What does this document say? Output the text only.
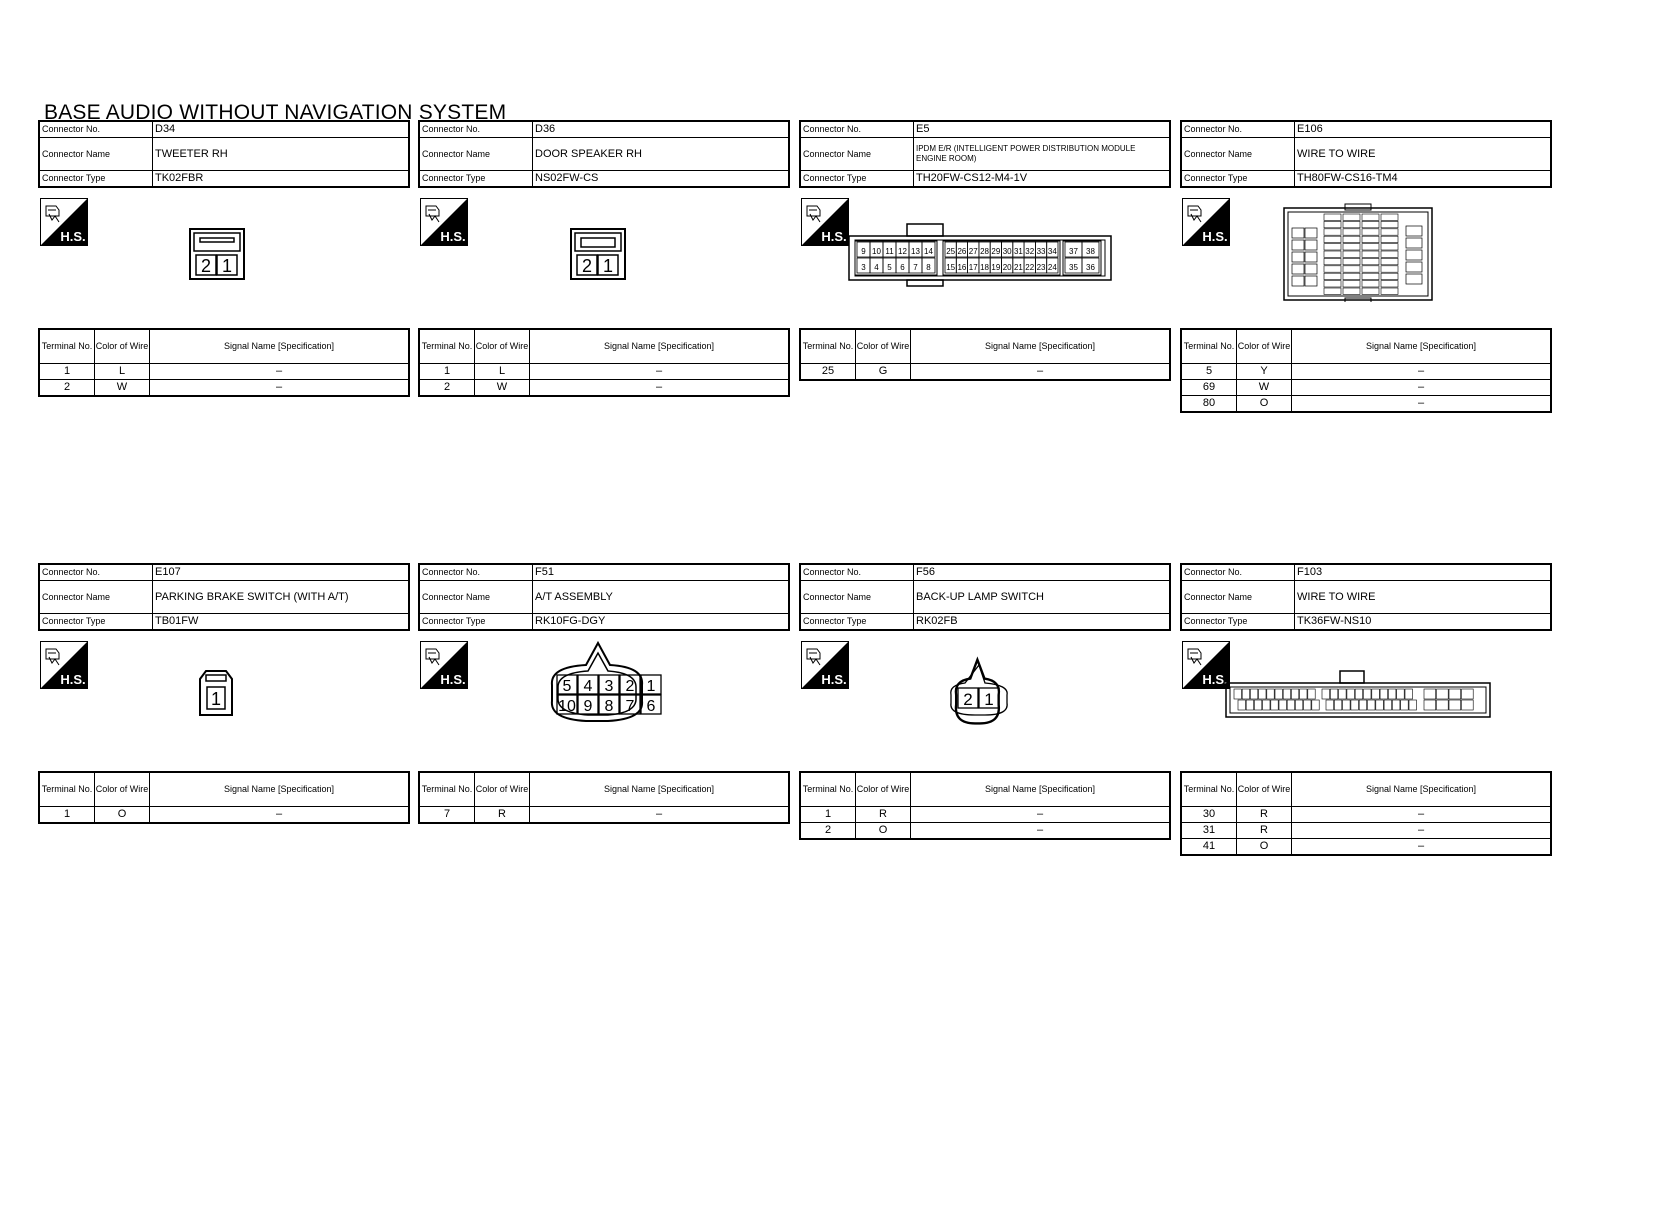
BASE AUDIO WITHOUT NAVIGATION SYSTEM
Connector No.	D34
Connector Name	TWEETER RH
Connector Type	TK02FBR
H.S.
2 1
Terminal No.	Color of Wire	Signal Name [Specification]
1	L	–
2	W	–
Connector No.	D36
Connector Name	DOOR SPEAKER RH
Connector Type	NS02FW-CS
H.S.
2 1
Terminal No.	Color of Wire	Signal Name [Specification]
1	L	–
2	W	–
Connector No.	E5
Connector Name	IPDM E/R (INTELLIGENT POWER DISTRIBUTION MODULE ENGINE ROOM)
Connector Type	TH20FW-CS12-M4-1V
H.S.
9
3
10
4
11
5
12
6
13
7
14
8
25
15
26
16
27
17
28
18
29
19
30
20
31
21
32
22
33
23
34
24
37
35
38
36
Terminal No.	Color of Wire	Signal Name [Specification]
25	G	–
Connector No.	E106
Connector Name	WIRE TO WIRE
Connector Type	TH80FW-CS16-TM4
H.S.
Terminal No.	Color of Wire	Signal Name [Specification]
5	Y	–
69	W	–
80	O	–
Connector No.	E107
Connector Name	PARKING BRAKE SWITCH (WITH A/T)
Connector Type	TB01FW
H.S.
1
Terminal No.	Color of Wire	Signal Name [Specification]
1	O	–
Connector No.	F51
Connector Name	A/T ASSEMBLY
Connector Type	RK10FG-DGY
H.S.	5
10
4
9
3
8
2
7
1
6
Terminal No.	Color of Wire	Signal Name [Specification]
7	R	–
Connector No.	F56
Connector Name	BACK-UP LAMP SWITCH
Connector Type	RK02FB
H.S.
2 1
Terminal No.	Color of Wire	Signal Name [Specification]
1	R	–
2	O	–
Connector No.	F103
Connector Name	WIRE TO WIRE
Connector Type	TK36FW-NS10
H.S.
Terminal No.	Color of Wire	Signal Name [Specification]
30	R	–
31	R	–
41	O	–
